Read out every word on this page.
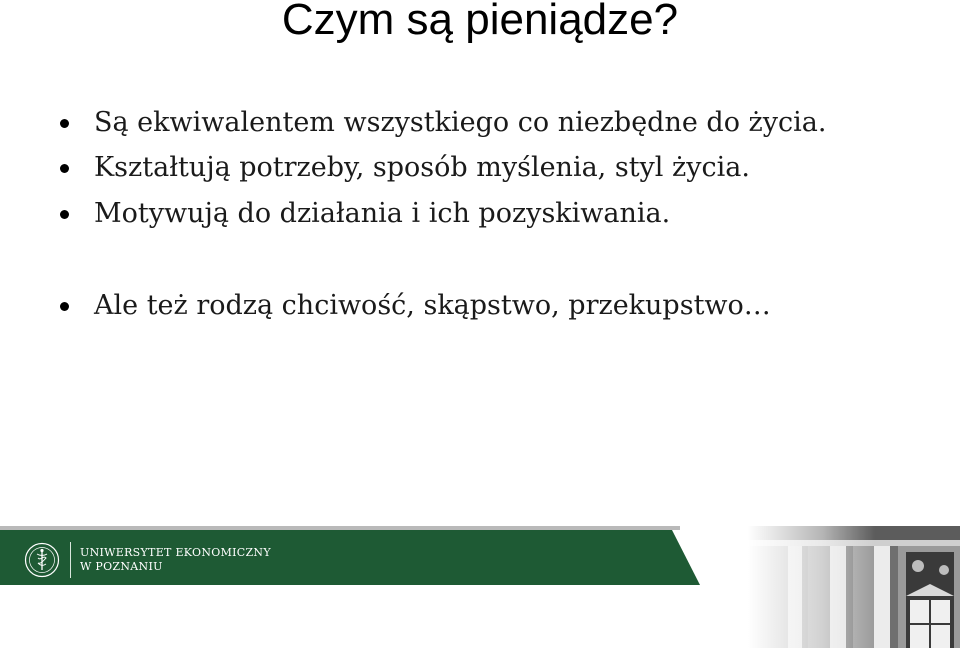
Czym są pieniądze?
Są ekwiwalentem wszystkiego co niezbędne do życia.
Kształtują potrzeby, sposób myślenia, styl życia.
Motywują do działania i ich pozyskiwania.
Ale też rodzą chciwość, skąpstwo, przekupstwo…
UNIWERSYTET EKONOMICZNY
W POZNANIU
